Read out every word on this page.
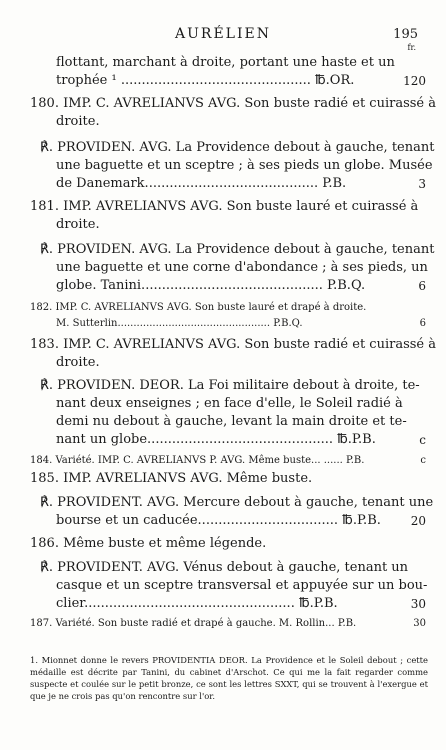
AURÉLIEN	195
fr.
flottant, marchant à droite, portant une haste et un
trophée ¹ .............................................. ℔.OR.	120
180. IMP. C. AVRELIANVS AVG. Son buste radié et cuirassé à
droite.
℟. PROVIDEN. AVG. La Providence debout à gauche, tenant
une baguette et un sceptre ; à ses pieds un globe. Musée
de Danemark.......................................... P.B.	3
181. IMP. AVRELIANVS AVG. Son buste lauré et cuirassé à
droite.
℟. PROVIDEN. AVG. La Providence debout à gauche, tenant
une baguette et une corne d'abondance ; à ses pieds, un
globe. Tanini............................................ P.B.Q.	6
182. IMP. C. AVRELIANVS AVG. Son buste lauré et drapé à droite.
M. Sutterlin................................................ P.B.Q.	6
183. IMP. C. AVRELIANVS AVG. Son buste radié et cuirassé à
droite.
℟. PROVIDEN. DEOR. La Foi militaire debout à droite, te-
nant deux enseignes ; en face d'elle, le Soleil radié à
demi nu debout à gauche, levant la main droite et te-
nant un globe............................................. ℔.P.B.	c
184. Variété. IMP. C. AVRELIANVS P. AVG. Même buste... ...... P.B.	c
185. IMP. AVRELIANVS AVG. Même buste.
℟. PROVIDENT. AVG. Mercure debout à gauche, tenant une
bourse et un caducée.................................. ℔.P.B.	20
186. Même buste et même légende.
℟. PROVIDENT. AVG. Vénus debout à gauche, tenant un
casque et un sceptre transversal et appuyée sur un bou-
clier................................................... ℔.P.B.	30
187. Variété. Son buste radié et drapé à gauche. M. Rollin... P.B.	30
1. Mionnet donne le revers PROVIDENTIA DEOR. La Providence et le Soleil debout ; cette médaille est décrite par Tanini, du cabinet d'Arschot. Ce qui me la fait regarder comme suspecte et coulée sur le petit bronze, ce sont les lettres SXXT, qui se trouvent à l'exergue et que je ne crois pas qu'on rencontre sur l'or.
